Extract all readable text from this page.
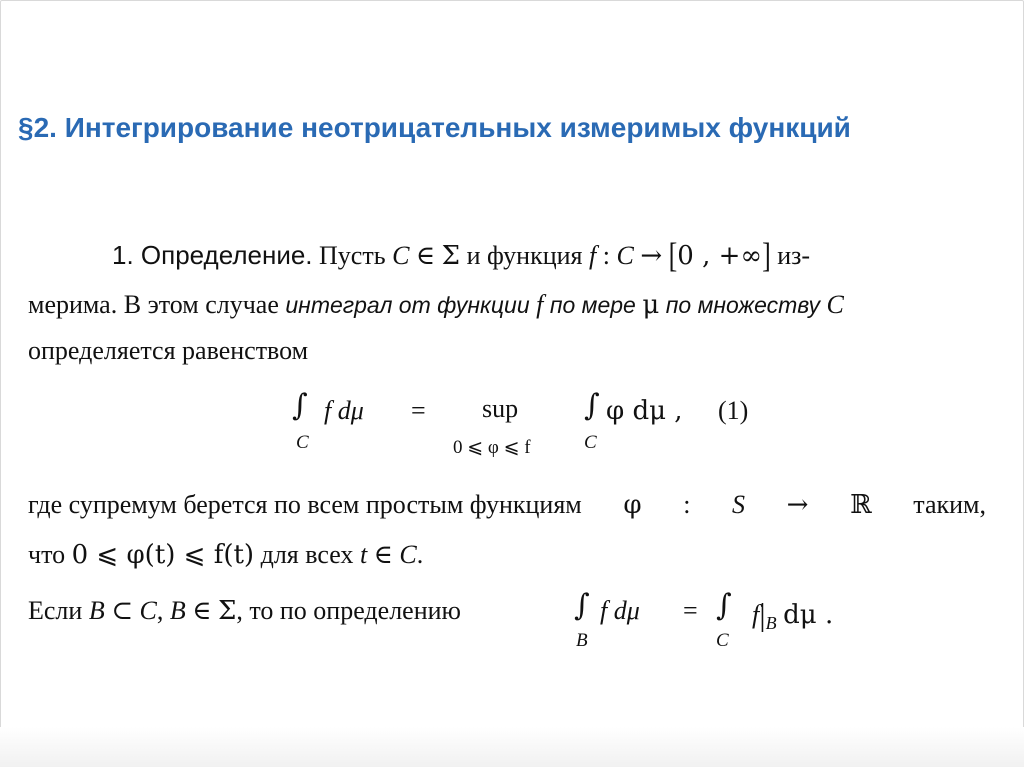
§2. Интегрирование неотрицательных измеримых функций
1. Определение. Пусть C ∈ Σ и функция f : C → [0 , +∞] из-
мерима. В этом случае интеграл от функции f по мере μ по множеству C
определяется равенством
∫
C
f dμ = sup
0 ⩽ φ ⩽ f
∫
C
φ dμ , (1)
где супремум берется по всем простым функциям φ : S → ℝ таким,
что 0 ⩽ φ(t) ⩽ f(t) для всех t ∈ C.
Если B ⊂ C, B ∈ Σ, то по определению	∫
B
f dμ = ∫
C
$f|_B$ dμ .
